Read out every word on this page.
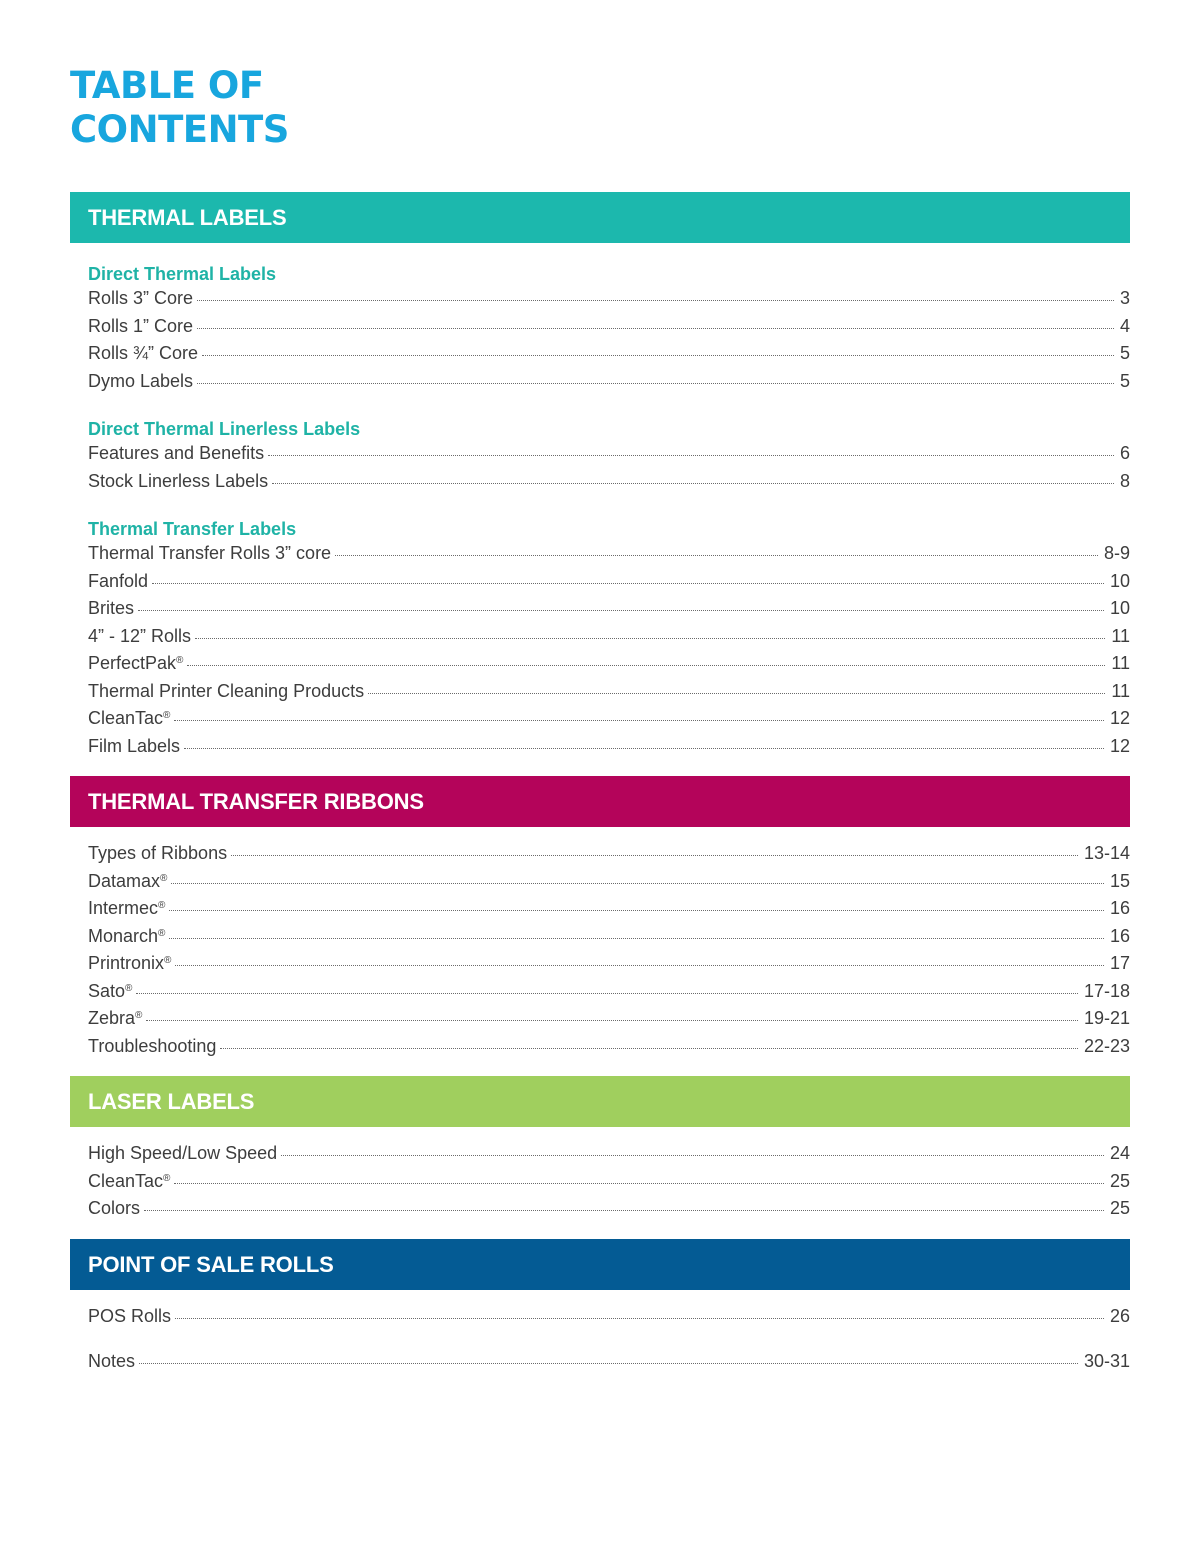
TABLE OF
CONTENTS
THERMAL LABELS
Direct Thermal Labels
Rolls 3” Core	3
Rolls 1” Core	4
Rolls ¾” Core	5
Dymo Labels	5
Direct Thermal Linerless Labels
Features and Benefits	6
Stock Linerless Labels	8
Thermal Transfer Labels
Thermal Transfer Rolls 3” core	8-9
Fanfold	10
Brites	10
4” - 12” Rolls	11
PerfectPak®	11
Thermal Printer Cleaning Products	11
CleanTac®	12
Film Labels	12
THERMAL TRANSFER RIBBONS
Types of Ribbons	13-14
Datamax®	15
Intermec®	16
Monarch®	16
Printronix®	17
Sato®	17-18
Zebra®	19-21
Troubleshooting	22-23
LASER LABELS
High Speed/Low Speed	24
CleanTac®	25
Colors	25
POINT OF SALE ROLLS
POS Rolls	26
Notes	30-31
